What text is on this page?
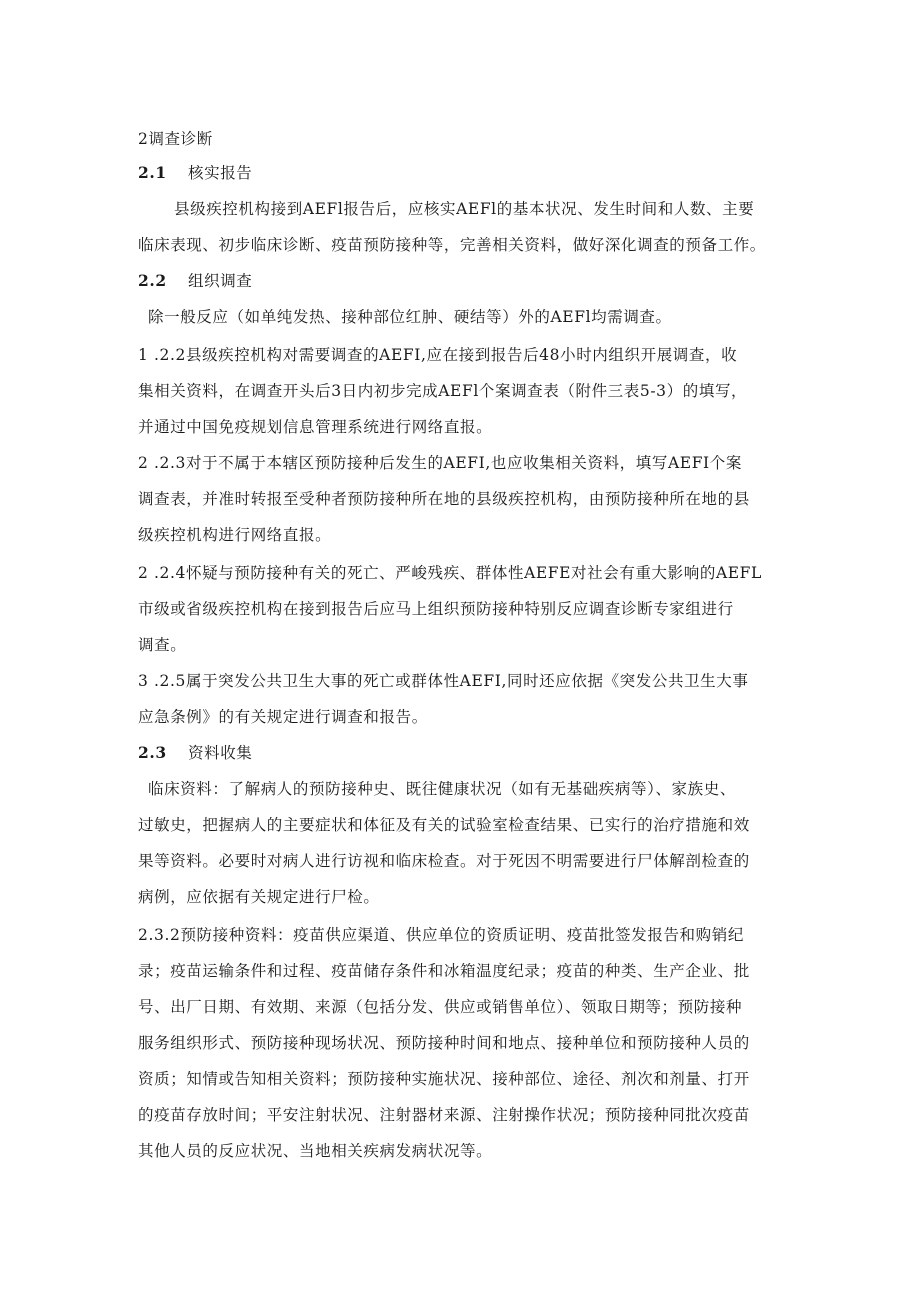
2调查诊断
2.1 核实报告
县级疾控机构接到AEFl报告后，应核实AEFl的基本状况、发生时间和人数、主要
临床表现、初步临床诊断、疫苗预防接种等，完善相关资料，做好深化调查的预备工作。
2.2 组织调查
除一般反应（如单纯发热、接种部位红肿、硬结等）外的AEFl均需调查。
1 .2.2县级疾控机构对需要调查的AEFI,应在接到报告后48小时内组织开展调查，收
集相关资料，在调查开头后3日内初步完成AEFl个案调查表（附件三表5-3）的填写，
并通过中国免疫规划信息管理系统进行网络直报。
2 .2.3对于不属于本辖区预防接种后发生的AEFI,也应收集相关资料，填写AEFI个案
调查表，并准时转报至受种者预防接种所在地的县级疾控机构，由预防接种所在地的县
级疾控机构进行网络直报。
2 .2.4怀疑与预防接种有关的死亡、严峻残疾、群体性AEFE对社会有重大影响的AEFL
市级或省级疾控机构在接到报告后应马上组织预防接种特别反应调查诊断专家组进行
调查。
3 .2.5属于突发公共卫生大事的死亡或群体性AEFI,同时还应依据《突发公共卫生大事
应急条例》的有关规定进行调查和报告。
2.3 资料收集
临床资料：了解病人的预防接种史、既往健康状况（如有无基础疾病等）、家族史、
过敏史，把握病人的主要症状和体征及有关的试验室检查结果、已实行的治疗措施和效
果等资料。必要时对病人进行访视和临床检查。对于死因不明需要进行尸体解剖检查的
病例，应依据有关规定进行尸检。
2.3.2预防接种资料：疫苗供应渠道、供应单位的资质证明、疫苗批签发报告和购销纪
录；疫苗运输条件和过程、疫苗储存条件和冰箱温度纪录；疫苗的种类、生产企业、批
号、出厂日期、有效期、来源（包括分发、供应或销售单位）、领取日期等；预防接种
服务组织形式、预防接种现场状况、预防接种时间和地点、接种单位和预防接种人员的
资质；知情或告知相关资料；预防接种实施状况、接种部位、途径、剂次和剂量、打开
的疫苗存放时间；平安注射状况、注射器材来源、注射操作状况；预防接种同批次疫苗
其他人员的反应状况、当地相关疾病发病状况等。
